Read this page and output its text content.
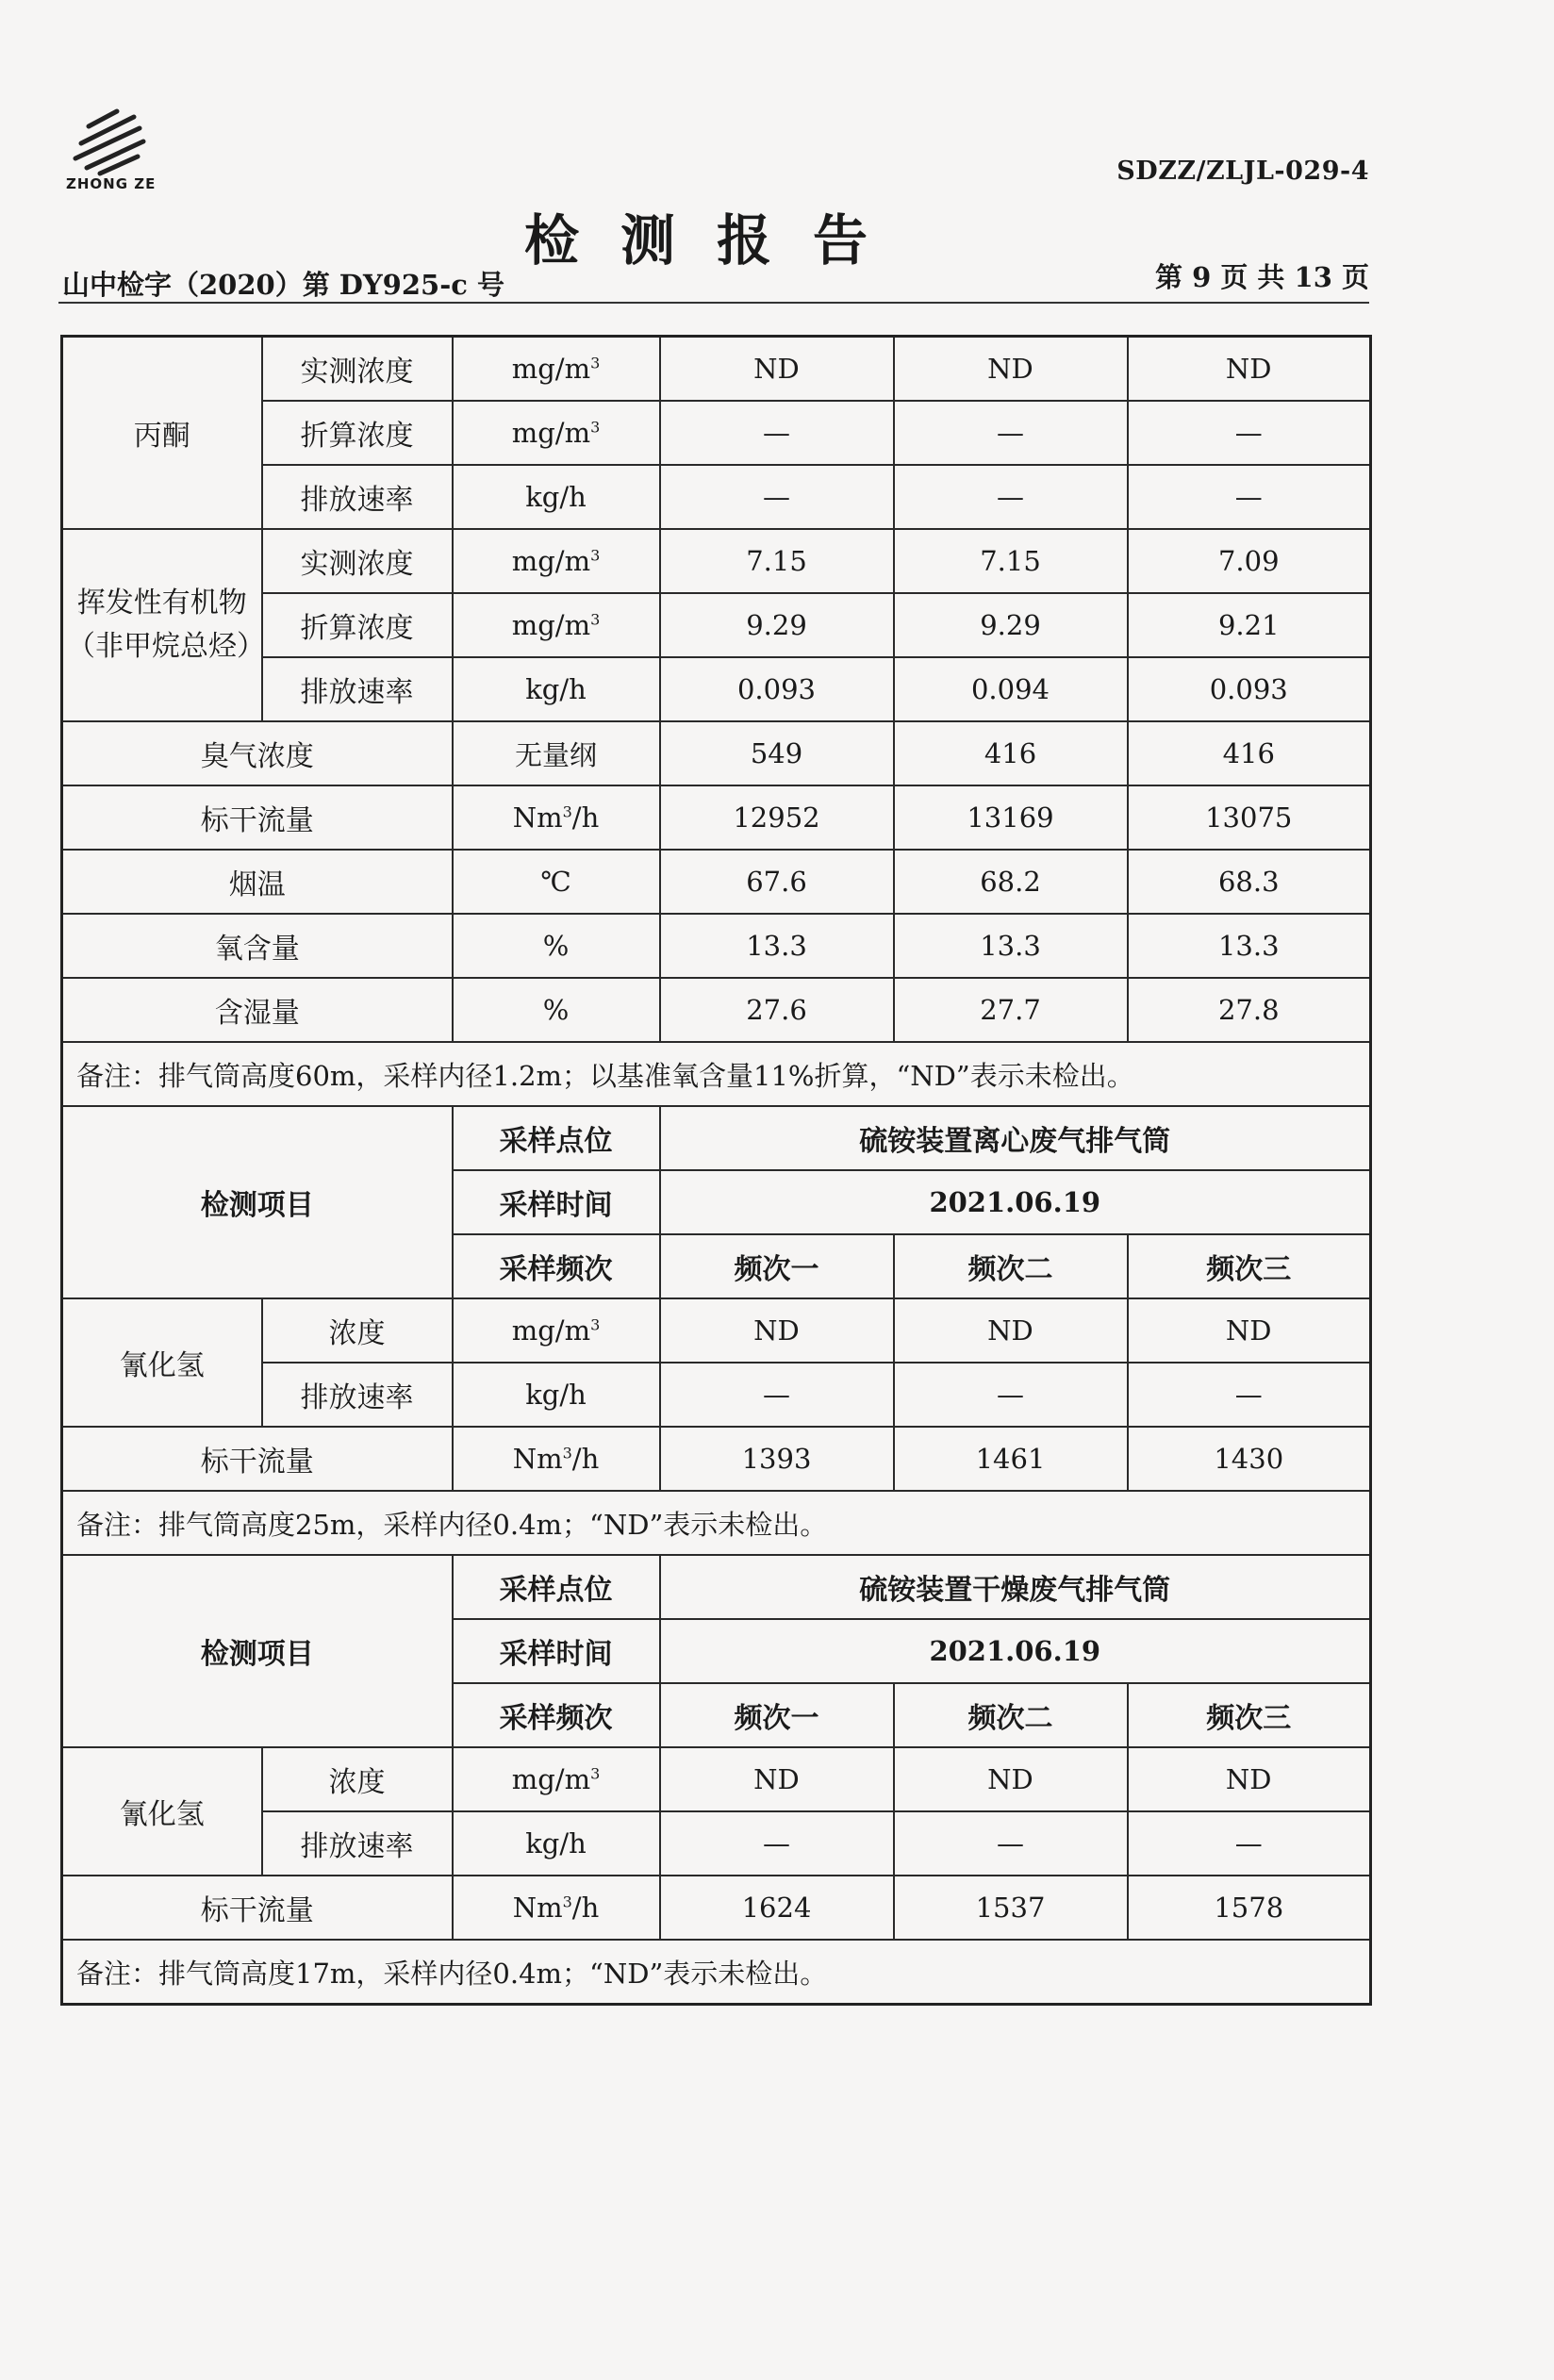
ZHONG ZE	SDZZ/ZLJL-029-4
检测报告
山中检字（2020）第 DY925-c 号	第 9 页 共 13 页
丙酮	实测浓度	$mg/m^3$	ND	ND	ND
	折算浓度	$mg/m^3$	—	—	—
	排放速率	kg/h	—	—	—
挥发性有机物（非甲烷总烃）	实测浓度	$mg/m^3$	7.15	7.15	7.09
	折算浓度	$mg/m^3$	9.29	9.29	9.21
	排放速率	kg/h	0.093	0.094	0.093
臭气浓度		无量纲	549	416	416
标干流量		Nm$^3$/h	12952	13169	13075
烟温		℃	67.6	68.2	68.3
氧含量		%	13.3	13.3	13.3
含湿量		%	27.6	27.7	27.8
备注：排气筒高度60m，采样内径1.2m；以基准氧含量11%折算，“ND”表示未检出。					
检测项目		采样点位	硫铵装置离心废气排气筒		
		采样时间	2021.06.19		
		采样频次	频次一	频次二	频次三
氰化氢	浓度	$mg/m^3$	ND	ND	ND
	排放速率	kg/h	—	—	—
标干流量		Nm$^3$/h	1393	1461	1430
备注：排气筒高度25m，采样内径0.4m；“ND”表示未检出。					
检测项目		采样点位	硫铵装置干燥废气排气筒		
		采样时间	2021.06.19		
		采样频次	频次一	频次二	频次三
氰化氢	浓度	$mg/m^3$	ND	ND	ND
	排放速率	kg/h	—	—	—
标干流量		Nm$^3$/h	1624	1537	1578
备注：排气筒高度17m，采样内径0.4m；“ND”表示未检出。					
